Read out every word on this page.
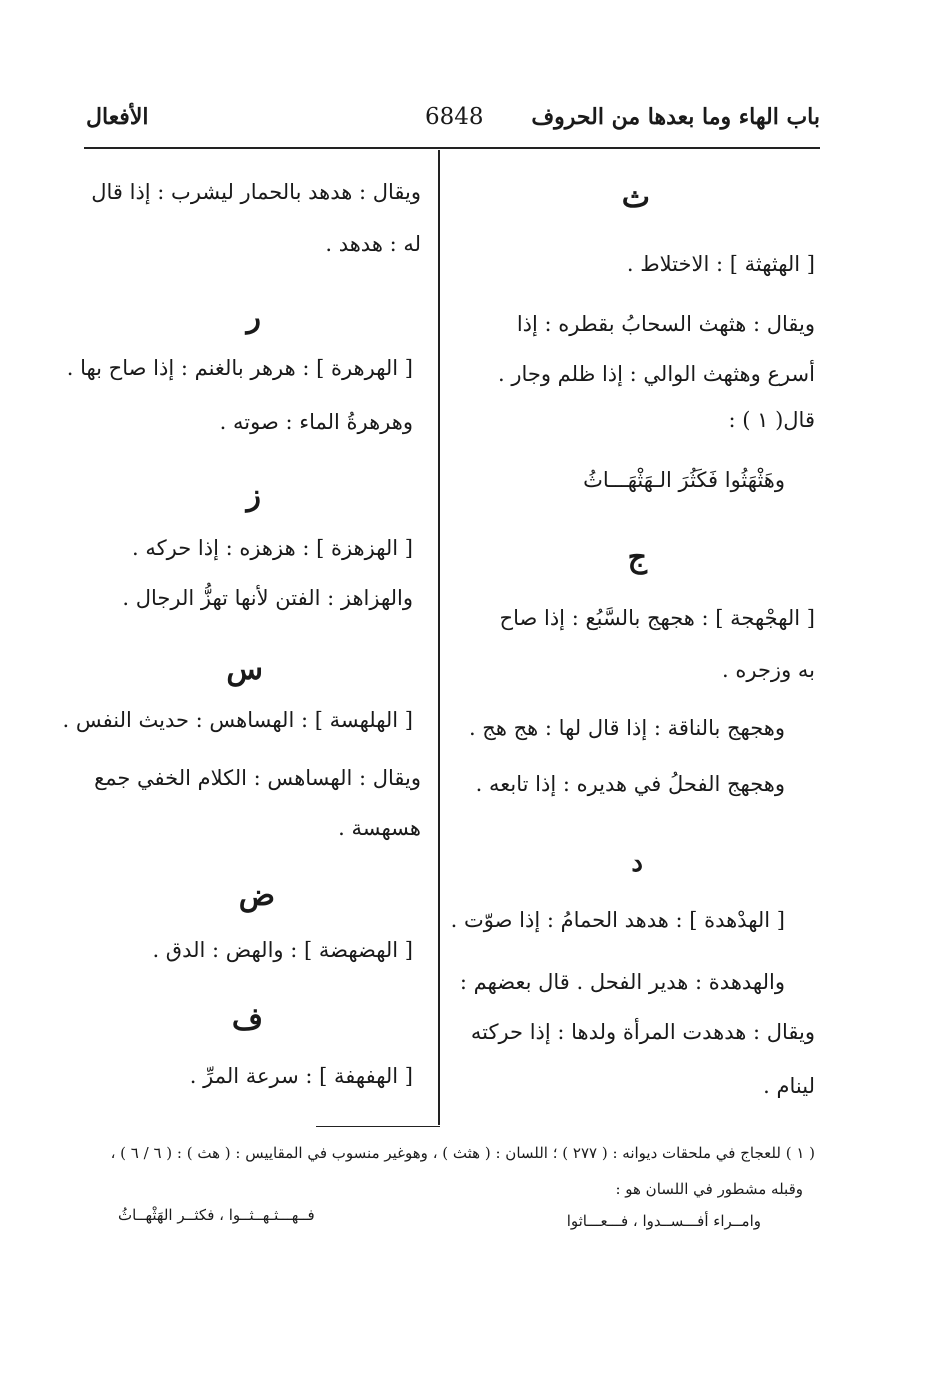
باب الهاء وما بعدها من الحروف
6848
الأفعال
ث
[ الهثهثة ] : الاختلاط .
ويقال : هثهث السحابُ بقطره : إذا
أسرع وهثهث الوالي : إذا ظلم وجار .
قال( ١ ) :
وهَثْهَثُوا فَكَثُرَ الـهَثْهَـــاثُ
ج
[ الهجْهجة ] : هجهج بالسَّبُع : إذا صاح
به وزجره .
وهجهج بالناقة : إذا قال لها : هج هج .
وهجهج الفحلُ في هديره : إذا تابعه .
د
[ الهدْهدة ] : هدهد الحمامُ : إذا صوّت .
والهدهدة : هدير الفحل . قال بعضهم :
ويقال : هدهدت المرأة ولدها : إذا حركته
لينام .
ويقال : هدهد بالحمار ليشرب : إذا قال
له : هدهد .
ر
[ الهرهرة ] : هرهر بالغنم : إذا صاح بها .
وهرهرةُ الماء : صوته .
ز
[ الهزهزة ] : هزهزه : إذا حركه .
والهزاهز : الفتن لأنها تهزُّ الرجال .
س
[ الهلهسة ] : الهساهس : حديث النفس .
ويقال : الهساهس : الكلام الخفي جمع
هسهسة .
ض
[ الهضهضة ] : والهض : الدق .
ف
[ الهفهفة ] : سرعة المرِّ .
( ١ ) للعجاج في ملحقات ديوانه : ( ٢٧٧ ) ؛ اللسان : ( هثث ) ، وهوغير منسوب في المقاييس : ( هث ) : ( ٦ / ٦ ) ،
وقبله مشطور في اللسان هو :
وامــراء أفـــســدوا ، فـــعـــاثوا
فــهـــثـهــثــوا ، فكثــر الهَثْهــاثُ
